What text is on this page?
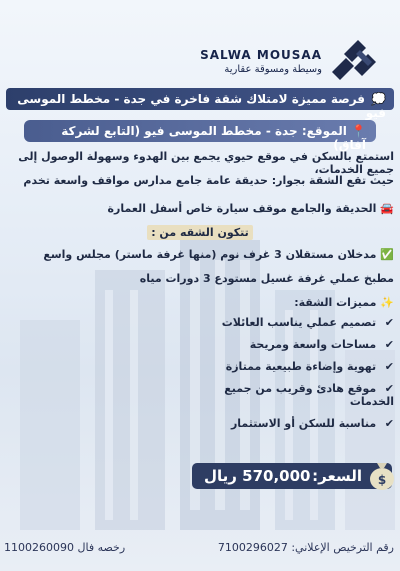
SALWA MOUSAA
وسيطة ومسوقة عقارية
💭فرصة مميزة لامتلاك شقة فاخرة في جدة - مخطط الموسى فيو
📍 الموقع: جدة - مخطط الموسى فيو (التابع لشركة آفاق)
استمتع بالسكن في موقع حيوي يجمع بين الهدوء وسهولة الوصول إلى جميع الخدمات،
حيث تقع الشقة بجوار: حديقة عامة جامع مدارس مواقف واسعة تخدم
🚘 الحديقة والجامع موقف سيارة خاص أسفل العمارة
تتكون الشقه من :
✅ مدخلان مستقلان 3 غرف نوم (منها غرفة ماستر) مجلس واسع
مطبخ عملي غرفة غسيل مستودع 3 دورات مياه
✨ مميزات الشقة:
✔ تصميم عملي يناسب العائلات
✔ مساحات واسعة ومريحة
✔ تهوية وإضاءة طبيعية ممتازة
✔ موقع هادئ وقريب من جميع الخدمات
✔ مناسبة للسكن أو الاستثمار
$
السعر:
570,000 ريال
رقم الترخيص الإعلاني: 7100296027
رخصه فال 1100260090
